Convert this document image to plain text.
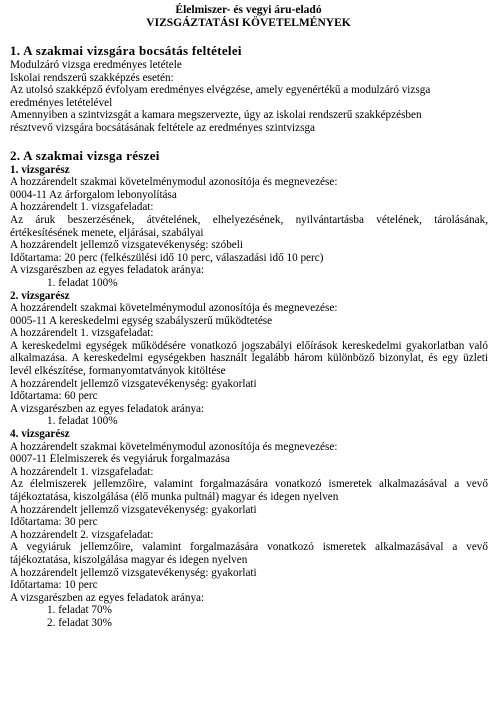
Élelmiszer- és vegyi áru-eladó
VIZSGÁZTATÁSI KÖVETELMÉNYEK
1. A szakmai vizsgára bocsátás feltételei
Modulzáró vizsga eredményes letétele
Iskolai rendszerű szakképzés esetén:
Az utolsó szakképző évfolyam eredményes elvégzése, amely egyenértékű a modulzáró vizsga
eredményes letételével
Amennyiben a szintvizsgát a kamara megszervezte, úgy az iskolai rendszerű szakképzésben
résztvevő vizsgára bocsátásának feltétele az eredményes szintvizsga
2. A szakmai vizsga részei
1. vizsgarész
A hozzárendelt szakmai követelménymodul azonosítója és megnevezése:
0004-11 Az árforgalom lebonyolítása
A hozzárendelt 1. vizsgafeladat:
Az áruk beszerzésének, átvételének, elhelyezésének, nyilvántartásba vételének, tárolásának, értékesítésének menete, eljárásai, szabályai
A hozzárendelt jellemző vizsgatevékenység: szóbeli
Időtartama: 20 perc (felkészülési idő 10 perc, válaszadási idő 10 perc)
A vizsgarészben az egyes feladatok aránya:
1. feladat 100%
2. vizsgarész
A hozzárendelt szakmai követelménymodul azonosítója és megnevezése:
0005-11 A kereskedelmi egység szabályszerű működtetése
A hozzárendelt 1. vizsgafeladat:
A kereskedelmi egységek működésére vonatkozó jogszabályi előírások kereskedelmi gyakorlatban való alkalmazása. A kereskedelmi egységekben használt legalább három különböző bizonylat, és egy üzleti levél elkészítése, formanyomtatványok kitöltése
A hozzárendelt jellemző vizsgatevékenység: gyakorlati
Időtartama: 60 perc
A vizsgarészben az egyes feladatok aránya:
1. feladat 100%
4. vizsgarész
A hozzárendelt szakmai követelménymodul azonosítója és megnevezése:
0007-11 Élelmiszerek és vegyiáruk forgalmazása
A hozzárendelt 1. vizsgafeladat:
Az élelmiszerek jellemzőire, valamint forgalmazására vonatkozó ismeretek alkalmazásával a vevő tájékoztatása, kiszolgálása (élő munka pultnál) magyar és idegen nyelven
A hozzárendelt jellemző vizsgatevékenység: gyakorlati
Időtartama: 30 perc
A hozzárendelt 2. vizsgafeladat:
A vegyiáruk jellemzőire, valamint forgalmazására vonatkozó ismeretek alkalmazásával a vevő tájékoztatása, kiszolgálása magyar és idegen nyelven
A hozzárendelt jellemző vizsgatevékenység: gyakorlati
Időtartama: 10 perc
A vizsgarészben az egyes feladatok aránya:
1. feladat 70%
2. feladat 30%
